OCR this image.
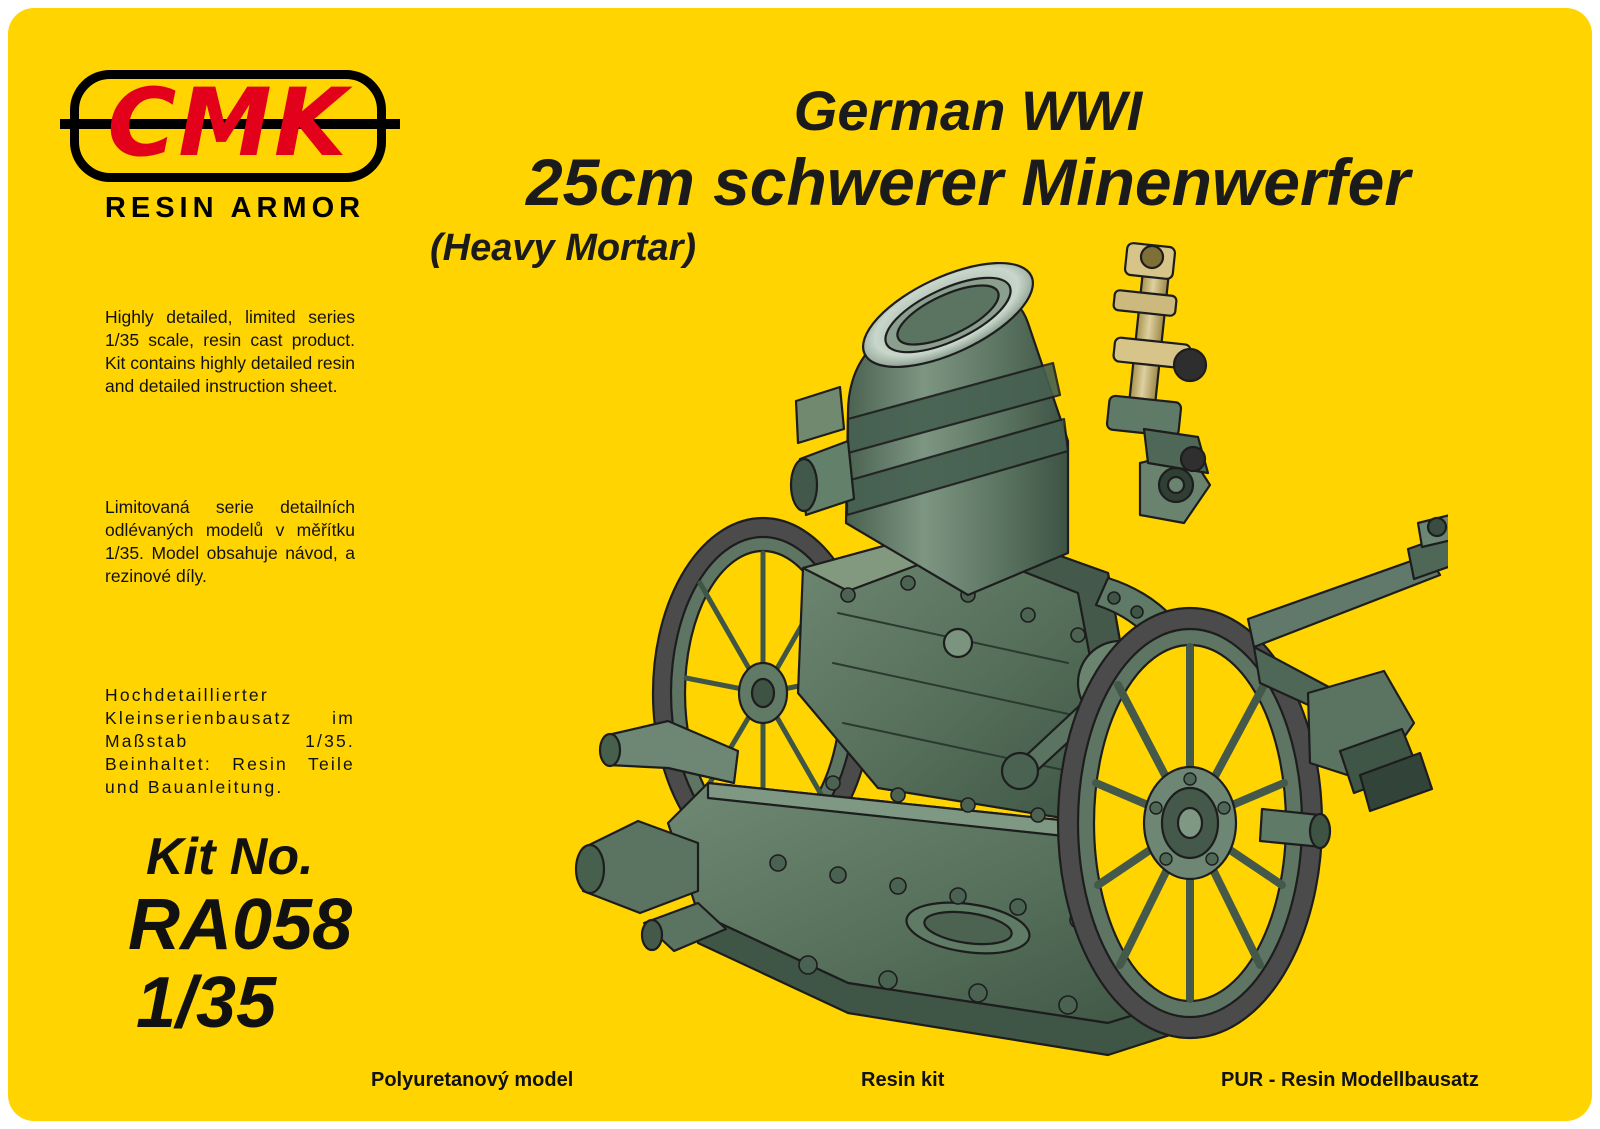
CMK
RESIN ARMOR
German WWI
25cm schwerer Minenwerfer
(Heavy Mortar)
Highly detailed, limited series 1/35 scale, resin cast product. Kit contains highly detailed resin and detailed instruction sheet.
Limitovaná serie detailních odlévaných modelů v měřítku 1/35. Model obsahuje návod, a rezinové díly.
Hochdetaillierter Kleinserienbausatz im Maßstab 1/35. Beinhaltet: Resin Teile und Bauanleitung.
Kit No.
RA058
1/35
Polyuretanový model	Resin kit	PUR - Resin Modellbausatz
